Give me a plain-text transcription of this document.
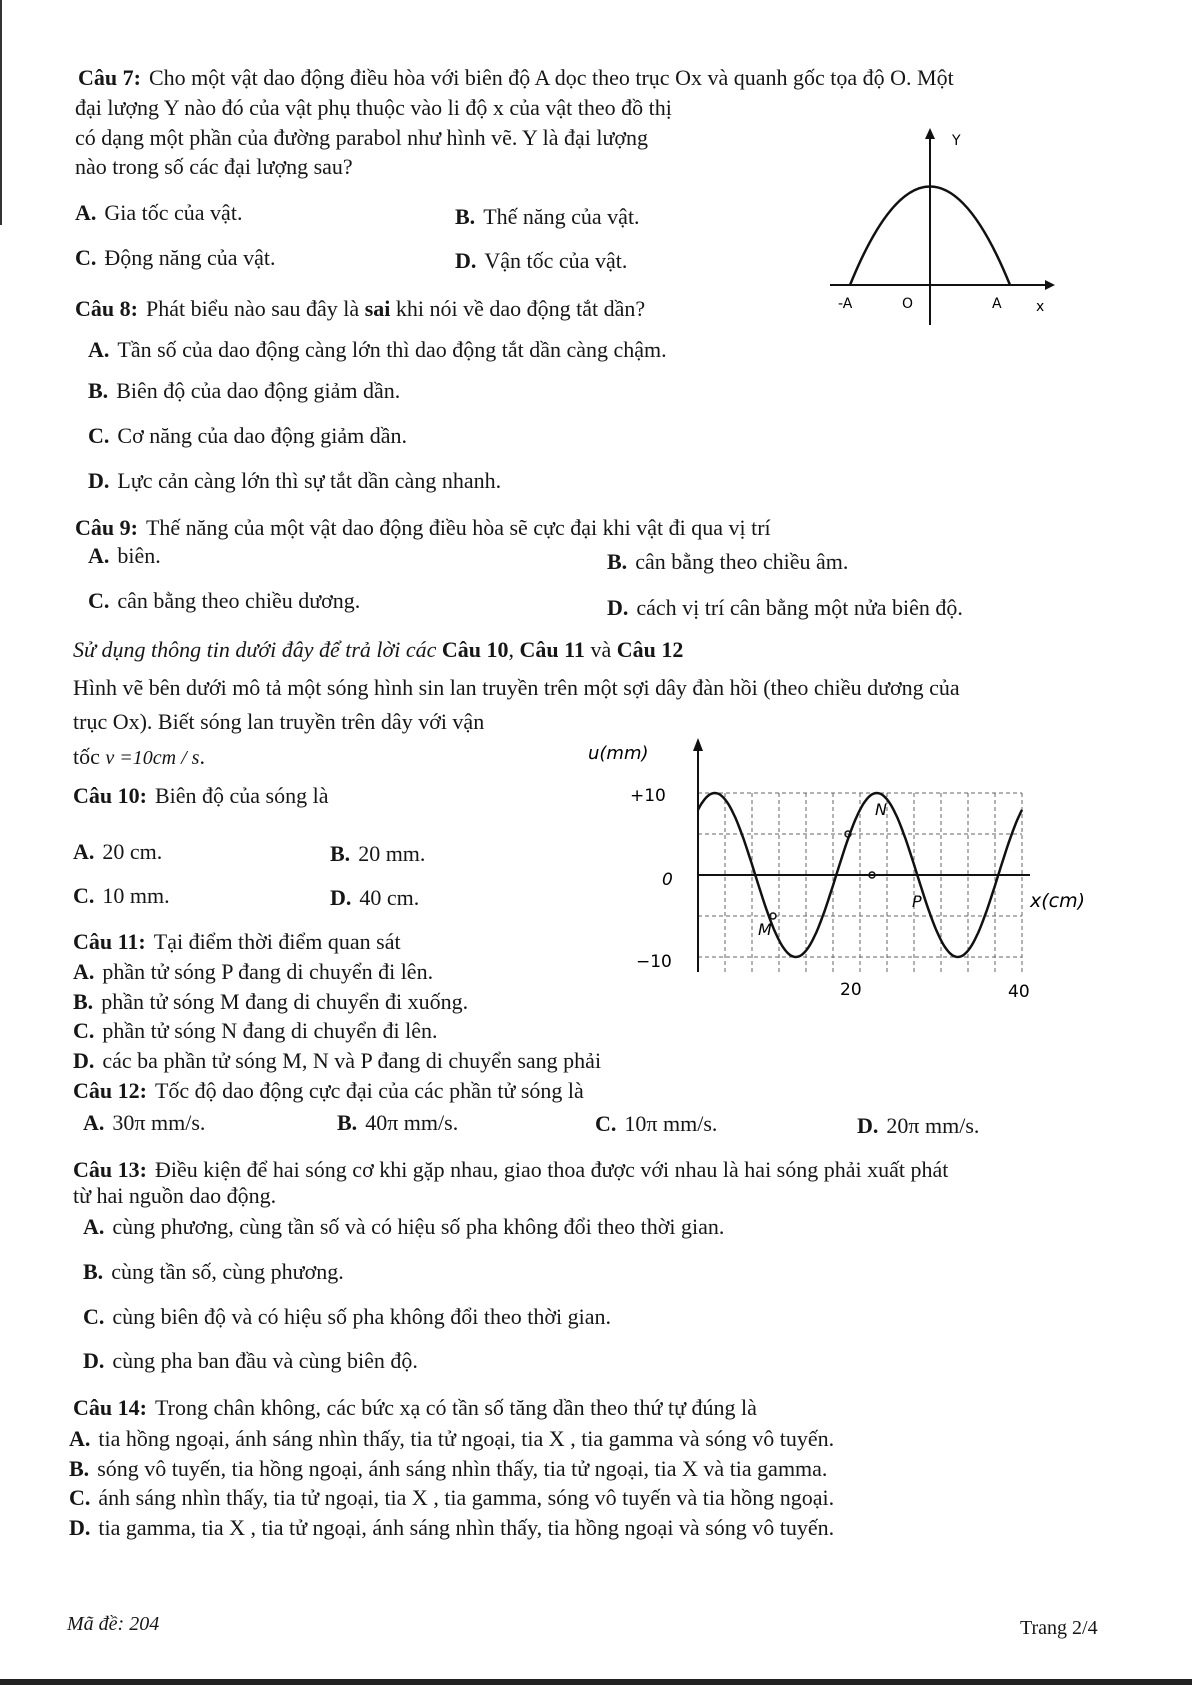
Câu 7: Cho một vật dao động điều hòa với biên độ A dọc theo trục Ox và quanh gốc tọa độ O. Một
đại lượng Y nào đó của vật phụ thuộc vào li độ x của vật theo đồ thị
có dạng một phần của đường parabol như hình vẽ. Y là đại lượng
nào trong số các đại lượng sau?
A. Gia tốc của vật.	B. Thế năng của vật.
C. Động năng của vật.	D. Vận tốc của vật.
Y
-A	O	A x
Câu 8: Phát biểu nào sau đây là sai khi nói về dao động tắt dần?
A. Tần số của dao động càng lớn thì dao động tắt dần càng chậm.
B. Biên độ của dao động giảm dần.
C. Cơ năng của dao động giảm dần.
D. Lực cản càng lớn thì sự tắt dần càng nhanh.
Câu 9: Thế năng của một vật dao động điều hòa sẽ cực đại khi vật đi qua vị trí
A. biên.	B. cân bằng theo chiều âm.
C. cân bằng theo chiều dương.	D. cách vị trí cân bằng một nửa biên độ.
Sử dụng thông tin dưới đây để trả lời các Câu 10, Câu 11 và Câu 12
Hình vẽ bên dưới mô tả một sóng hình sin lan truyền trên một sợi dây đàn hồi (theo chiều dương của
trục Ox). Biết sóng lan truyền trên dây với vận
tốc v =10cm / s.
Câu 10: Biên độ của sóng là
A. 20 cm.	B. 20 mm.
C. 10 mm.	D. 40 cm.
Câu 11: Tại điểm thời điểm quan sát
A. phần tử sóng P đang di chuyển đi lên.
B. phần tử sóng M đang di chuyển đi xuống.
C. phần tử sóng N đang di chuyển đi lên.
D. các ba phần tử sóng M, N và P đang di chuyển sang phải
u(mm)
+10
0
−10
20	40
x(cm)
M
N
P
Câu 12: Tốc độ dao động cực đại của các phần tử sóng là
A. 30π mm/s.	B. 40π mm/s.	C. 10π mm/s.	D. 20π mm/s.
Câu 13: Điều kiện để hai sóng cơ khi gặp nhau, giao thoa được với nhau là hai sóng phải xuất phát
từ hai nguồn dao động.
A. cùng phương, cùng tần số và có hiệu số pha không đổi theo thời gian.
B. cùng tần số, cùng phương.
C. cùng biên độ và có hiệu số pha không đổi theo thời gian.
D. cùng pha ban đầu và cùng biên độ.
Câu 14: Trong chân không, các bức xạ có tần số tăng dần theo thứ tự đúng là
A. tia hồng ngoại, ánh sáng nhìn thấy, tia tử ngoại, tia X , tia gamma và sóng vô tuyến.
B. sóng vô tuyến, tia hồng ngoại, ánh sáng nhìn thấy, tia tử ngoại, tia X và tia gamma.
C. ánh sáng nhìn thấy, tia tử ngoại, tia X , tia gamma, sóng vô tuyến và tia hồng ngoại.
D. tia gamma, tia X , tia tử ngoại, ánh sáng nhìn thấy, tia hồng ngoại và sóng vô tuyến.
Mã đề: 204	Trang 2/4
